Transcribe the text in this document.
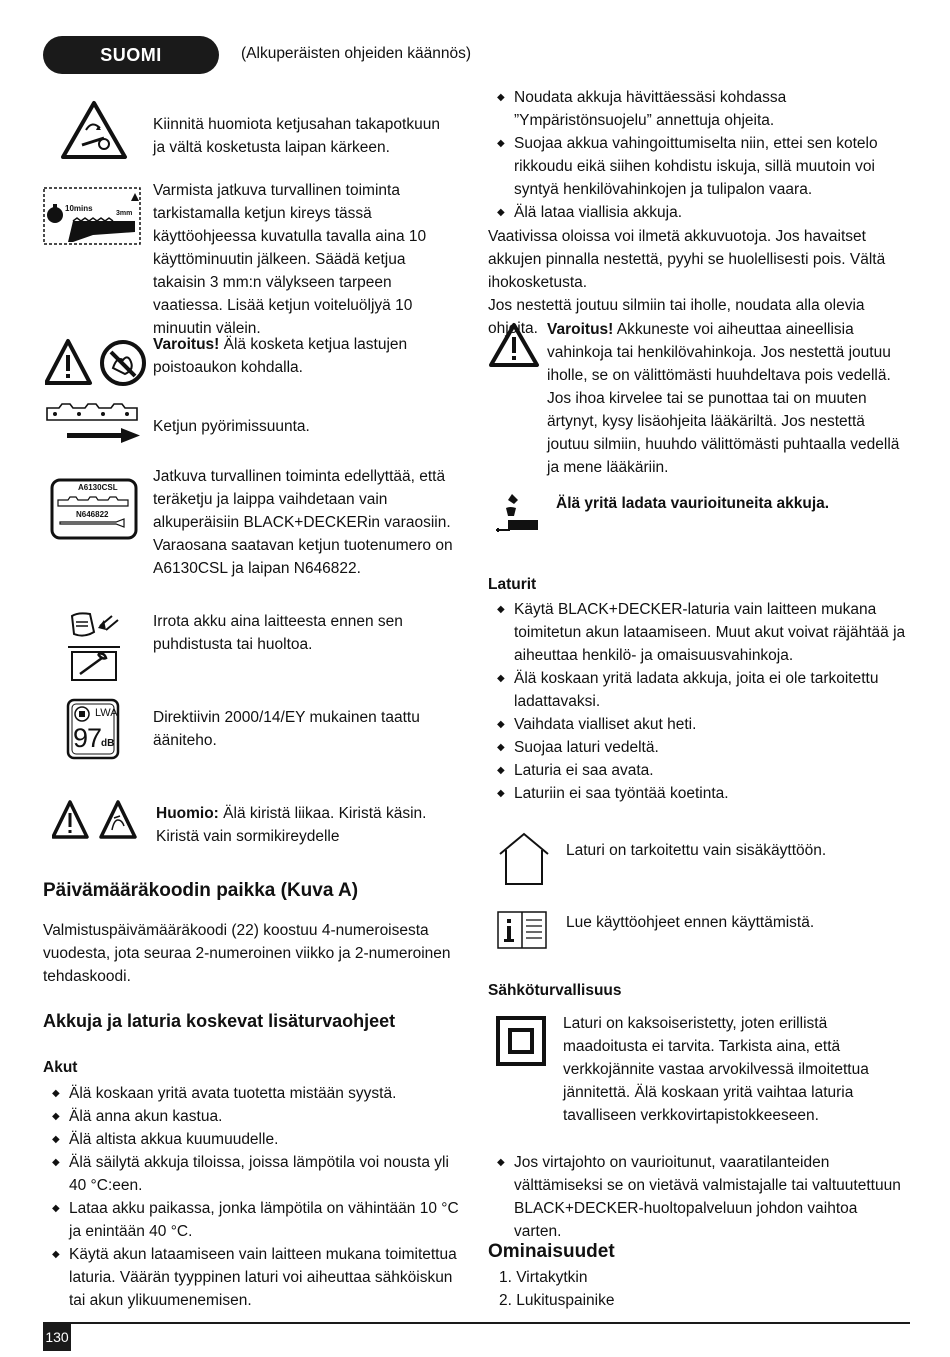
SUOMI	(Alkuperäisten ohjeiden käännös)
Kiinnitä huomiota ketjusahan takapotkuun ja vältä kosketusta laipan kärkeen.
10mins
3mm
Varmista jatkuva turvallinen toiminta tarkistamalla ketjun kireys tässä käyttöohjeessa kuvatulla tavalla aina 10 käyttöminuutin jälkeen. Säädä ketjua takaisin 3 mm:n välykseen tarpeen vaatiessa. Lisää ketjun voiteluöljyä 10 minuutin välein.
Varoitus! Älä kosketa ketjua lastujen poistoaukon kohdalla.
Ketjun pyörimissuunta.
A6130CSL
N646822
Jatkuva turvallinen toiminta edellyttää, että teräketju ja laippa vaihdetaan vain alkuperäisiin BLACK+DECKERin varaosiin. Varaosana saatavan ketjun tuotenumero on A6130CSL ja laipan N646822.
Irrota akku aina laitteesta ennen sen puhdistusta tai huoltoa.
LWA
97 dB
Direktiivin 2000/14/EY mukainen taattu ääniteho.
Huomio: Älä kiristä liikaa. Kiristä käsin. Kiristä vain sormikireydelle
Päivämääräkoodin paikka (Kuva A)
Valmistuspäivämääräkoodi (22) koostuu 4-numeroisesta vuodesta, jota seuraa 2-numeroinen viikko ja 2-numeroinen tehdaskoodi.
Akkuja ja laturia koskevat lisäturvaohjeet
Akut
◆ Älä koskaan yritä avata tuotetta mistään syystä.
◆ Älä anna akun kastua.
◆ Älä altista akkua kuumuudelle.
◆ Älä säilytä akkuja tiloissa, joissa lämpötila voi nousta yli 40 °C:een.
◆ Lataa akku paikassa, jonka lämpötila on vähintään 10 °C ja enintään 40 °C.
◆ Käytä akun lataamiseen vain laitteen mukana toimitettua laturia. Väärän tyyppinen laturi voi aiheuttaa sähköiskun tai akun ylikuumenemisen.
◆ Noudata akkuja hävittäessäsi kohdassa ”Ympäristönsuojelu” annettuja ohjeita.
◆ Suojaa akkua vahingoittumiselta niin, ettei sen kotelo rikkoudu eikä siihen kohdistu iskuja, sillä muutoin voi syntyä henkilövahinkojen ja tulipalon vaara.
◆ Älä lataa viallisia akkuja.
Vaativissa oloissa voi ilmetä akkuvuotoja. Jos havaitset akkujen pinnalla nestettä, pyyhi se huolellisesti pois. Vältä ihokosketusta.
Jos nestettä joutuu silmiin tai iholle, noudata alla olevia ohjeita. Varoitus! Akkuneste voi aiheuttaa aineellisia vahinkoja tai henkilövahinkoja. Jos nestettä joutuu iholle, se on välittömästi huuhdeltava pois vedellä. Jos ihoa kirvelee tai se punottaa tai on muuten ärtynyt, kysy lisäohjeita lääkäriltä. Jos nestettä joutuu silmiin, huuhdo välittömästi puhtaalla vedellä ja mene lääkäriin.
Älä yritä ladata vaurioituneita akkuja.
Laturit
◆ Käytä BLACK+DECKER-laturia vain laitteen mukana toimitetun akun lataamiseen. Muut akut voivat räjähtää ja aiheuttaa henkilö- ja omaisuusvahinkoja.
◆ Älä koskaan yritä ladata akkuja, joita ei ole tarkoitettu ladattavaksi.
◆ Vaihdata vialliset akut heti.
◆ Suojaa laturi vedeltä.
◆ Laturia ei saa avata.
◆ Laturiin ei saa työntää koetinta.
Laturi on tarkoitettu vain sisäkäyttöön.
Lue käyttöohjeet ennen käyttämistä.
Sähköturvallisuus
Laturi on kaksoiseristetty, joten erillistä maadoitusta ei tarvita. Tarkista aina, että verkkojännite vastaa arvokilvessä ilmoitettua jännitettä. Älä koskaan yritä vaihtaa laturia tavalliseen verkkovirtapistokkeeseen.
◆ Jos virtajohto on vaurioitunut, vaaratilanteiden välttämiseksi se on vietävä valmistajalle tai valtuutettuun BLACK+DECKER-huoltopalveluun johdon vaihtoa varten.
Ominaisuudet
1. Virtakytkin
2. Lukituspainike
130
